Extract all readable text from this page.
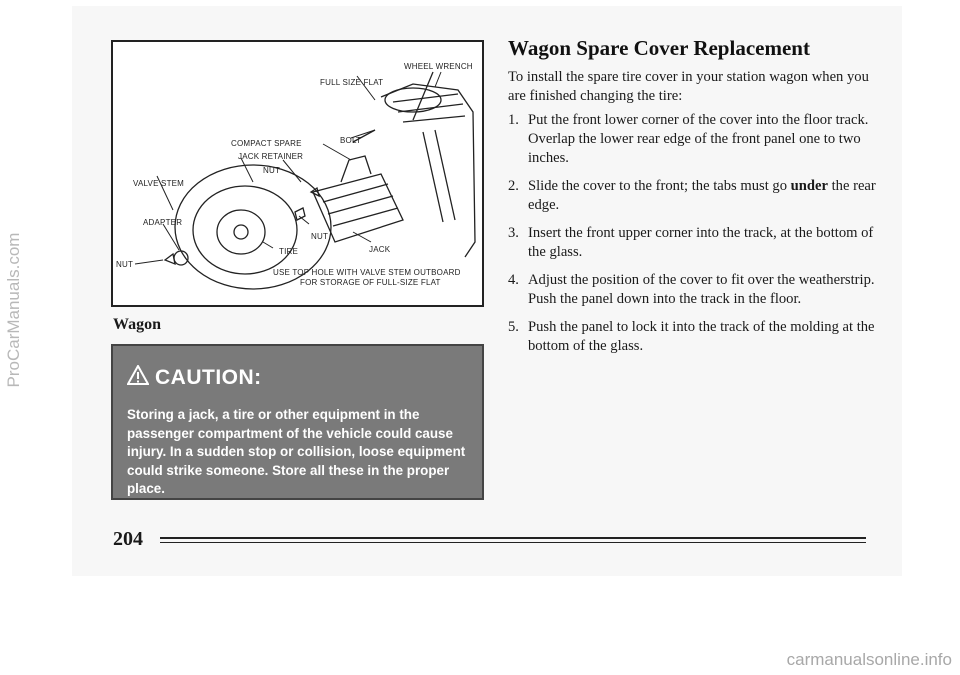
ProCarManuals.com
WHEEL WRENCH
FULL SIZE FLAT
BOLT
COMPACT SPARE
JACK RETAINER
NUT
VALVE STEM
ADAPTER
NUT
NUT
TIRE	JACK
USE TOP HOLE WITH VALVE STEM OUTBOARD
FOR STORAGE OF FULL-SIZE FLAT
Wagon
CAUTION:
Storing a jack, a tire or other equipment in the passenger compartment of the vehicle could cause injury. In a sudden stop or collision, loose equipment could strike someone. Store all these in the proper place.
Wagon Spare Cover Replacement
To install the spare tire cover in your station wagon when you are finished changing the tire:
1. Put the front lower corner of the cover into the floor track. Overlap the lower rear edge of the front panel one to two inches.
2. Slide the cover to the front; the tabs must go under the rear edge.
3. Insert the front upper corner into the track, at the bottom of the glass.
4. Adjust the position of the cover to fit over the weatherstrip. Push the panel down into the track in the floor.
5. Push the panel to lock it into the track of the molding at the bottom of the glass.
204
carmanualsonline.info
